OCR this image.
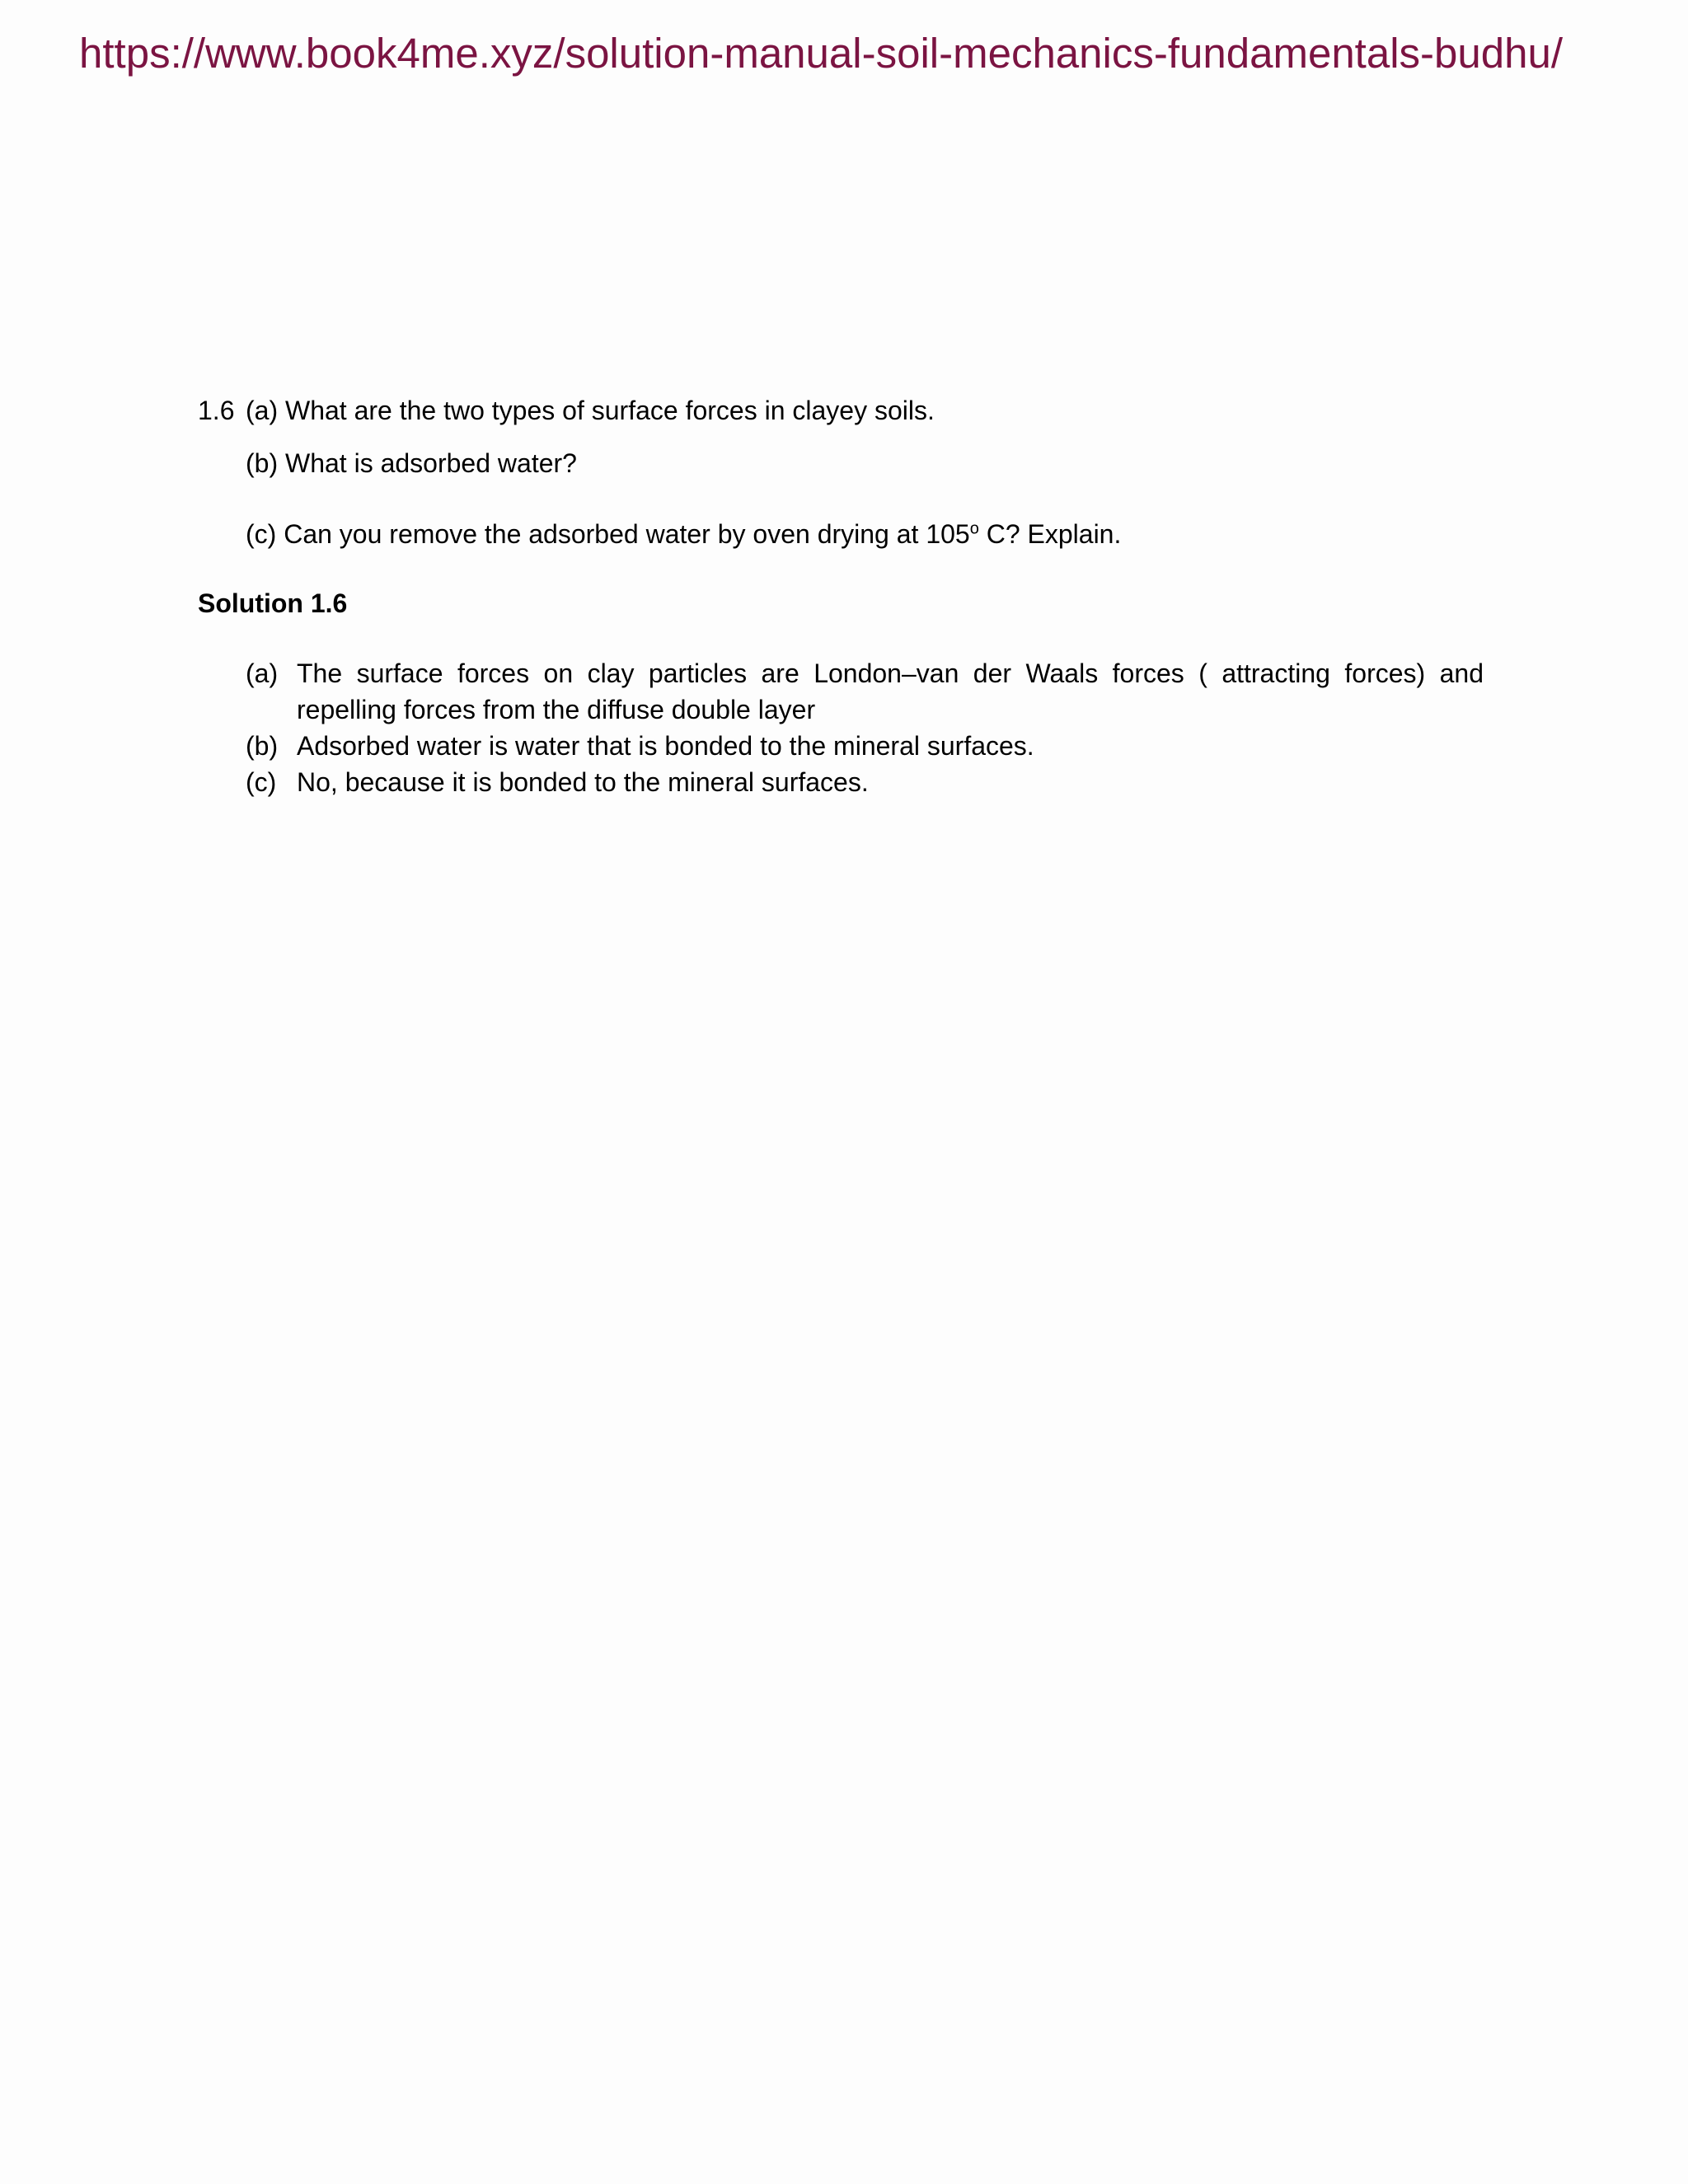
https://www.book4me.xyz/solution-manual-soil-mechanics-fundamentals-budhu/
1.6 (a) What are the two types of surface forces in clayey soils.
(b) What is adsorbed water?
(c) Can you remove the adsorbed water by oven drying at 105$^o$ C? Explain.
Solution 1.6
(a) The surface forces on clay particles are London–van der Waals forces ( attracting forces) and repelling forces from the diffuse double layer
(b) Adsorbed water is water that is bonded to the mineral surfaces.
(c) No, because it is bonded to the mineral surfaces.
